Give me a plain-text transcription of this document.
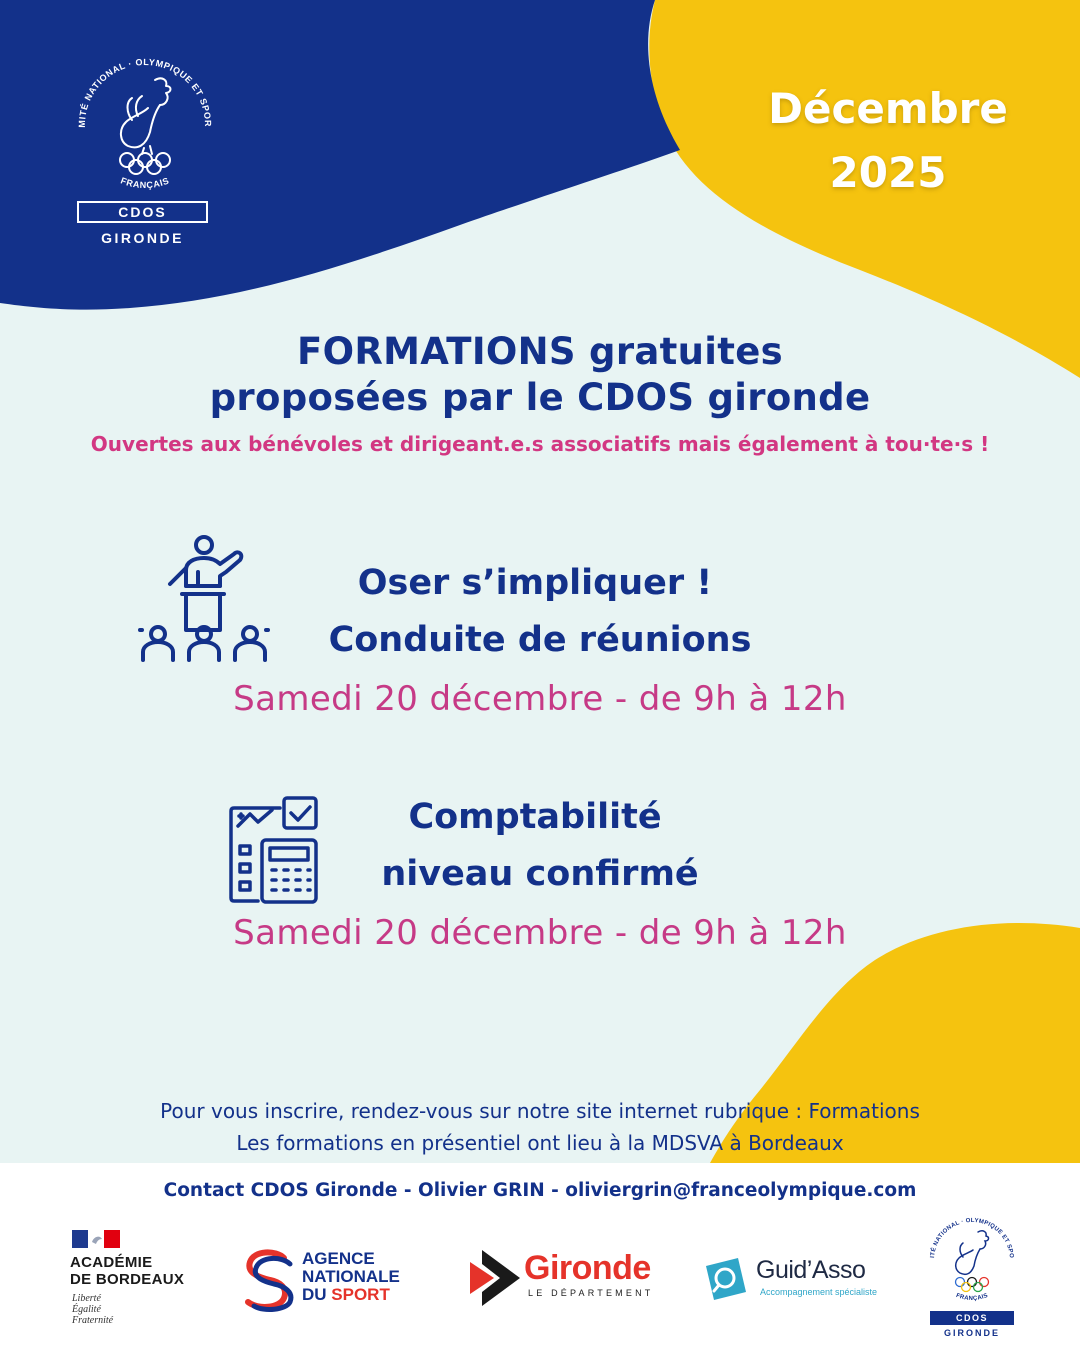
MITÉ NATIONAL · OLYMPIQUE ET SPOR
FRANÇAIS
CDOS
GIRONDE
Décembre
2025
FORMATIONS gratuites
proposées par le CDOS gironde
Ouvertes aux bénévoles et dirigeant.e.s associatifs mais également à tou·te·s !
Oser s’impliquer !
Conduite de réunions
Samedi 20 décembre - de 9h à 12h
Comptabilité
niveau confirmé
Samedi 20 décembre - de 9h à 12h
Pour vous inscrire, rendez-vous sur notre site internet rubrique : Formations
Les formations en présentiel ont lieu à la MDSVA à Bordeaux
Contact CDOS Gironde - Olivier GRIN - oliviergrin@franceolympique.com
ACADÉMIE
DE BORDEAUX
Liberté
Égalité
Fraternité
AGENCE
NATIONALE
DU SPORT
Gironde
LE DÉPARTEMENT
Guid’Asso
Accompagnement spécialiste
ITÉ NATIONAL · OLYMPIQUE ET SPO
FRANÇAIS
CDOS
GIRONDE
